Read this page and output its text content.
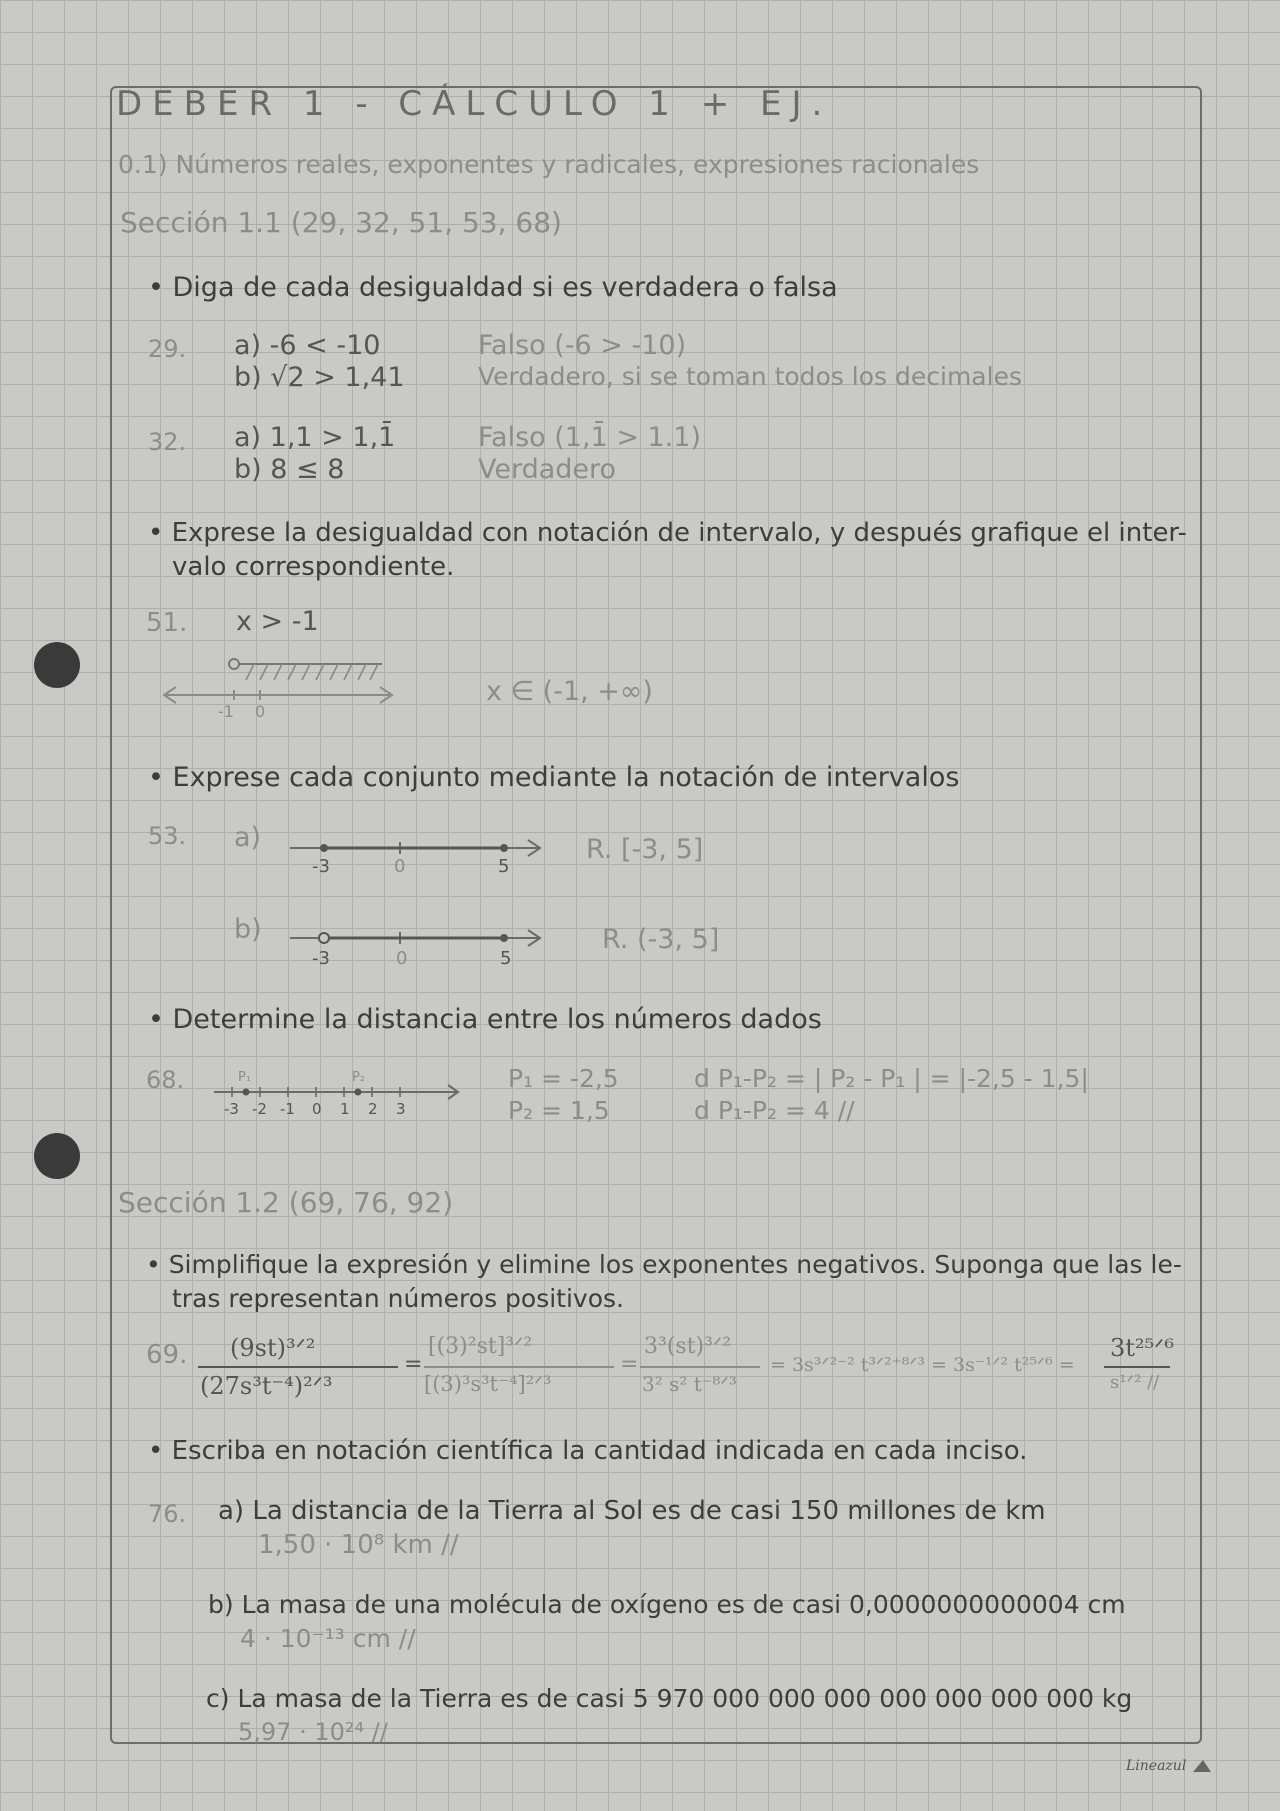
DEBER 1 - CÁLCULO 1 + EJ.
0.1) Números reales, exponentes y radicales, expresiones racionales
Sección 1.1 (29, 32, 51, 53, 68)
• Diga de cada desigualdad si es verdadera o falsa
29. a) -6 < -10	Falso (-6 > -10)
b) √2 > 1,41	Verdadero, si se toman todos los decimales
32. a) 1,1 > 1,1̄	Falso (1,1̄ > 1.1)
b) 8 ≤ 8	Verdadero
• Exprese la desigualdad con notación de intervalo, y después grafique el inter-
valo correspondiente.
51. x > -1
-1 0
x ∈ (-1, +∞)
• Exprese cada conjunto mediante la notación de intervalos
53. a)
-3	0	5
R. [-3, 5]
b)
-3	0	5
R. (-3, 5]
• Determine la distancia entre los números dados
68.	P₁	P₂
-3 -2 -1 0 1 2 3
P₁ = -2,5
P₂ = 1,5
d P₁-P₂ = | P₂ - P₁ | = |-2,5 - 1,5|
d P₁-P₂ = 4 //
Sección 1.2 (69, 76, 92)
• Simplifique la expresión y elimine los exponentes negativos. Suponga que las le-
tras representan números positivos.
69. (9st)³ᐟ²
(27s³t⁻⁴)²ᐟ³
=
[(3)²st]³ᐟ²
[(3)³s³t⁻⁴]²ᐟ³
=
3³(st)³ᐟ²
3² s² t⁻⁸ᐟ³
= 3s³ᐟ²⁻² t³ᐟ²⁺⁸ᐟ³ = 3s⁻¹ᐟ² t²⁵ᐟ⁶ =
3t²⁵ᐟ⁶
s¹ᐟ² //
• Escriba en notación científica la cantidad indicada en cada inciso.
76. a) La distancia de la Tierra al Sol es de casi 150 millones de km
1,50 · 10⁸ km //
b) La masa de una molécula de oxígeno es de casi 0,0000000000004 cm
4 · 10⁻¹³ cm //
c) La masa de la Tierra es de casi 5 970 000 000 000 000 000 000 000 kg
5,97 · 10²⁴ //
Lineazul
